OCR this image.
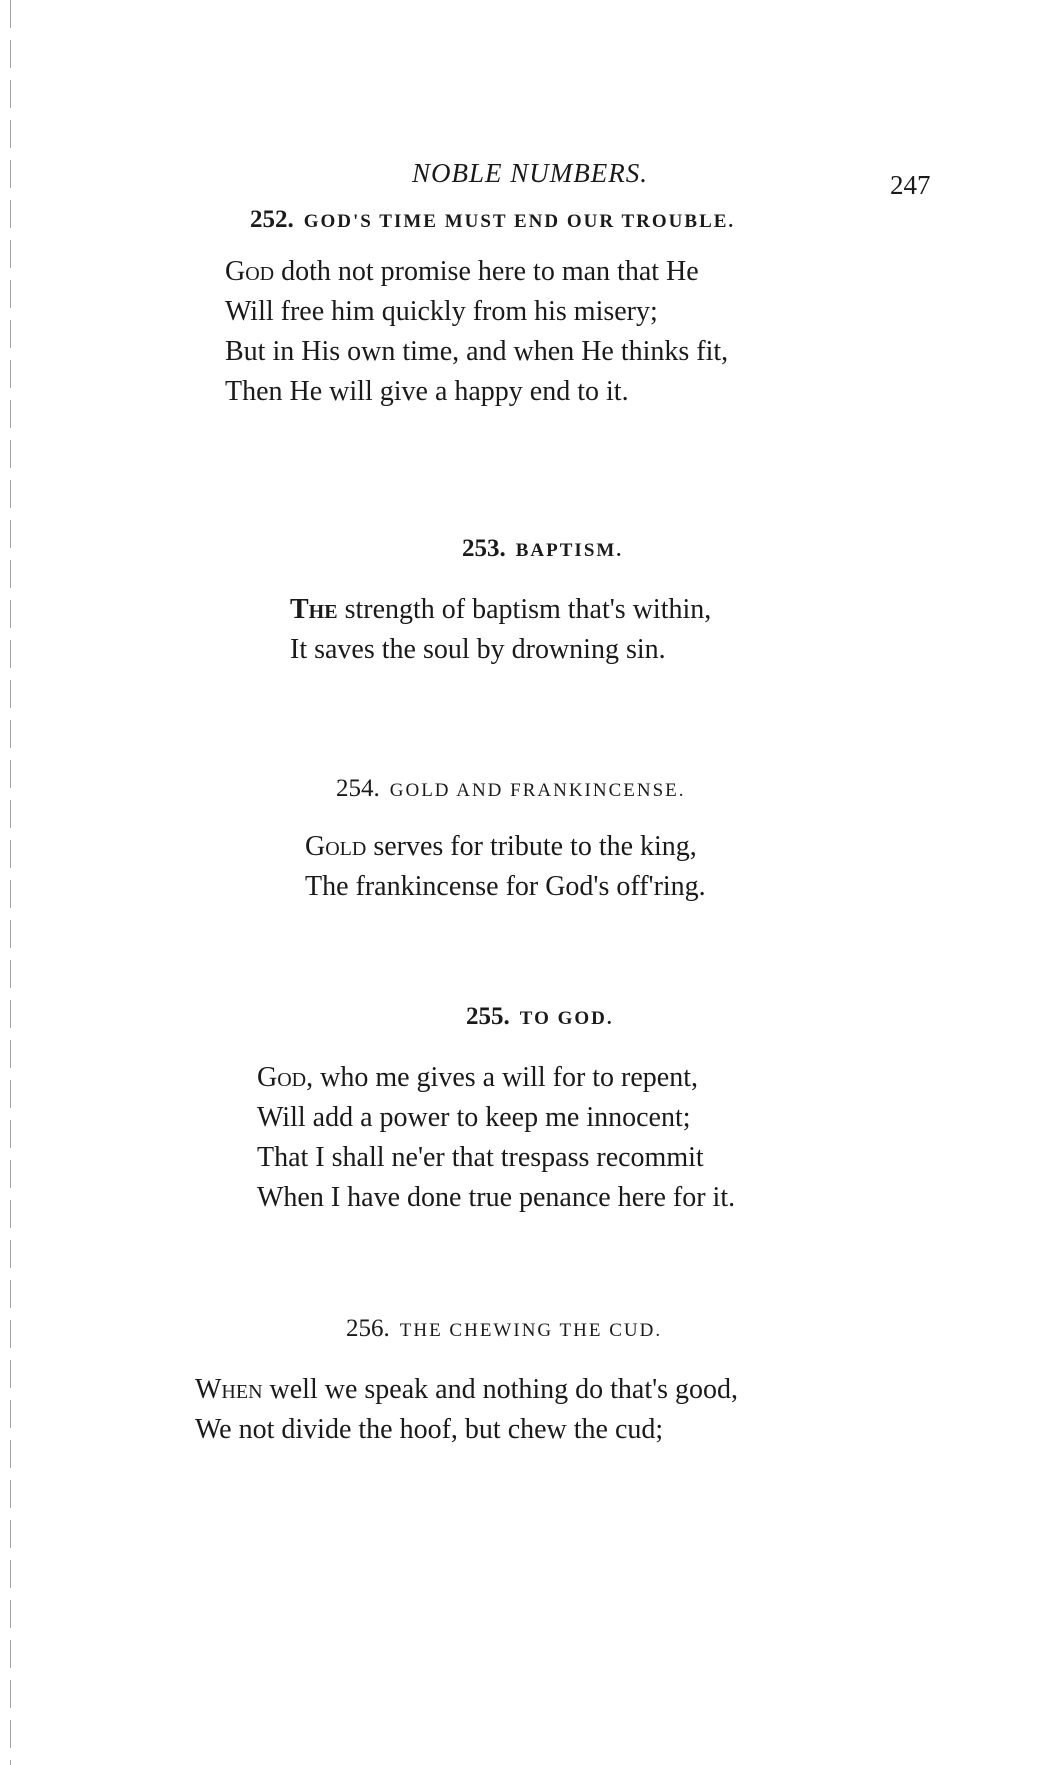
NOBLE NUMBERS.	247
252. GOD'S TIME MUST END OUR TROUBLE.
God doth not promise here to man that He
Will free him quickly from his misery;
But in His own time, and when He thinks fit,
Then He will give a happy end to it.
253. BAPTISM.
The strength of baptism that's within,
It saves the soul by drowning sin.
254. GOLD AND FRANKINCENSE.
Gold serves for tribute to the king,
The frankincense for God's off'ring.
255. TO GOD.
God, who me gives a will for to repent,
Will add a power to keep me innocent;
That I shall ne'er that trespass recommit
When I have done true penance here for it.
256. THE CHEWING THE CUD.
When well we speak and nothing do that's good,
We not divide the hoof, but chew the cud;
